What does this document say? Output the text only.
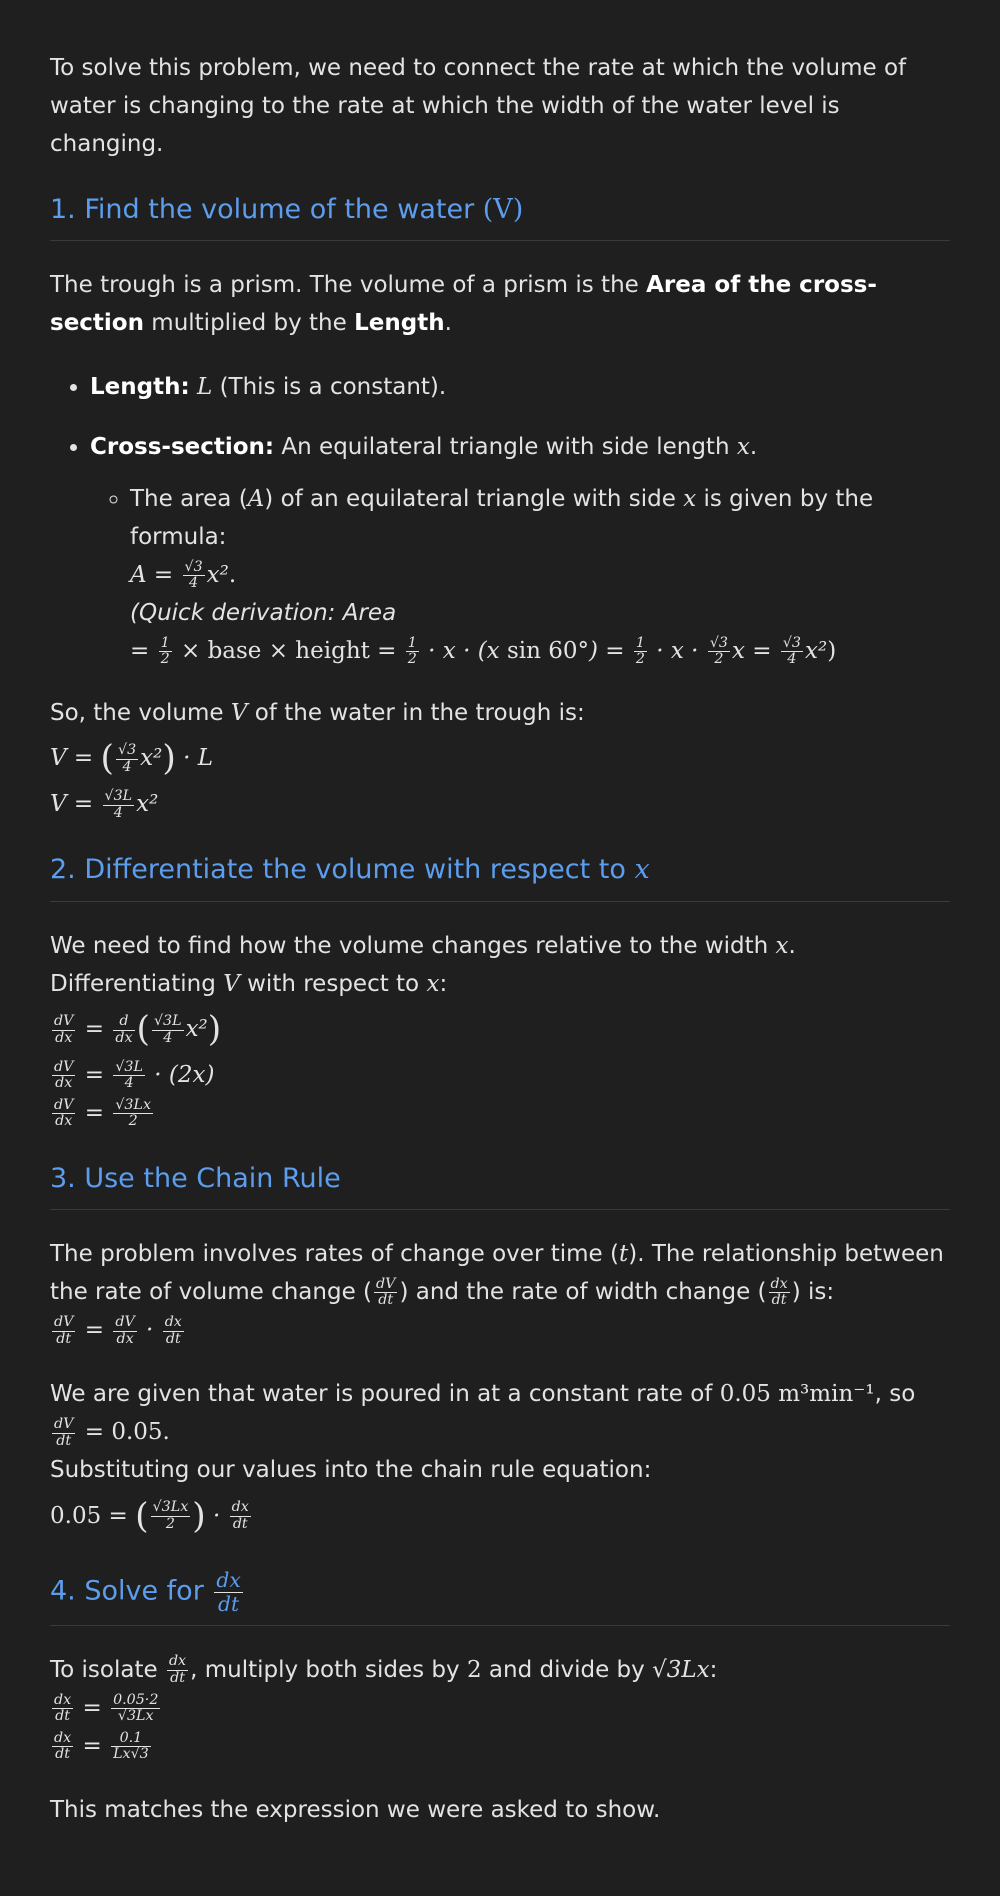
To solve this problem, we need to connect the rate at which the volume of water is changing to the rate at which the width of the water level is changing.

1. Find the volume of the water (V)

The trough is a prism. The volume of a prism is the Area of the cross-section multiplied by the Length.

• Length: L (This is a constant).
• Cross-section: An equilateral triangle with side length x.
◦ The area (A) of an equilateral triangle with side x is given by the formula:
$A = \frac{√3}{4} x^2$.
(Quick derivation: Area
= $\frac{1}{2}$ × base × height = $\frac{1}{2} \cdot x \cdot (x$ $\sin 60^\circ) = \frac{1}{2} \cdot x \cdot \frac{√3}{2}$ $x = \frac{√3}{4} x^2$)
So, the volume V of the water in the trough is:
V = ( $\frac{√3}{4} x^2) \cdot L$
$V = \frac{√3L}{4} x^2$
2. Differentiate the volume with respect to x
We need to find how the volume changes relative to the width x. Differentiating V with respect to x:

$\frac{dV}{dx} = \frac{d}{dx}$ ( $\frac{√3L}{4} x^2$)

$\frac{dV}{dx} = \frac{√3L}{4} \cdot (2x)$

$\frac{dV}{dx} = \frac{√3Lx}{2}$
3. Use the Chain Rule

The problem involves rates of change over time (t). The relationship between the rate of volume change ( $\frac{dV}{dt}$ ) and the rate of width change ( $\frac{dx}{dt}$ ) is:

$\frac{dV}{dt} = \frac{dV}{dx} \cdot \frac{dx}{dt}$

We are given that water is poured in at a constant rate of 0.05 m³min⁻¹, so

$\frac{dV}{dt} = 0.05$.
Substituting our values into the chain rule equation:
0.05 = ( $\frac{√3Lx}{2}$ ) · $\frac{dx}{dt}$
4. Solve for $\frac{dx}{dt}$
To isolate $\frac{dx}{dt}$ , multiply both sides by 2 and divide by √3Lx:

$\frac{dx}{dt} = \frac{0.05\cdot 2}{√3Lx}$

$\frac{dx}{dt} = \frac{0.1}{Lx√3}$

This matches the expression we were asked to show.
